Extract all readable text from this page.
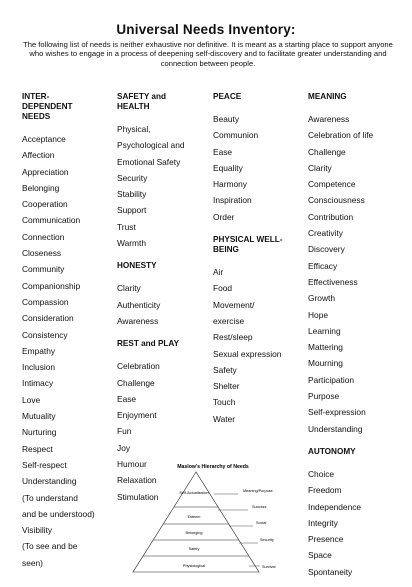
Universal Needs Inventory:
The following list of needs is neither exhaustive nor definitive. It is meant as a starting place to support anyone who wishes to engage in a process of deepening self-discovery and to facilitate greater understanding and connection between people.
INTER-DEPENDENT NEEDS
Acceptance
Affection
Appreciation
Belonging
Cooperation
Communication
Connection
Closeness
Community
Companionship
Compassion
Consideration
Consistency
Empathy
Inclusion
Intimacy
Love
Mutuality
Nurturing
Respect
Self-respect
Understanding
(To understand
and be understood)
Visibility
(To see and be
seen)
SAFETY and HEALTH
Physical,
Psychological and
Emotional Safety
Security
Stability
Support
Trust
Warmth
HONESTY
Clarity
Authenticity
Awareness
REST and PLAY
Celebration
Challenge
Ease
Enjoyment
Fun
Joy
Humour
Relaxation
Stimulation
PEACE
Beauty
Communion
Ease
Equality
Harmony
Inspiration
Order
PHYSICAL WELL-BEING
Air
Food
Movement/
exercise
Rest/sleep
Sexual expression
Safety
Shelter
Touch
Water
MEANING
Awareness
Celebration of life
Challenge
Clarity
Competence
Consciousness
Contribution
Creativity
Discovery
Efficacy
Effectiveness
Growth
Hope
Learning
Mattering
Mourning
Participation
Purpose
Self-expression
Understanding
AUTONOMY
Choice
Freedom
Independence
Integrity
Presence
Space
Spontaneity
Maslow's Hierarchy of Needs
Self-Actualization
Esteem
Belonging
Safety
Physiological
Meaning/Purpose
Success
Social
Security
Survival
